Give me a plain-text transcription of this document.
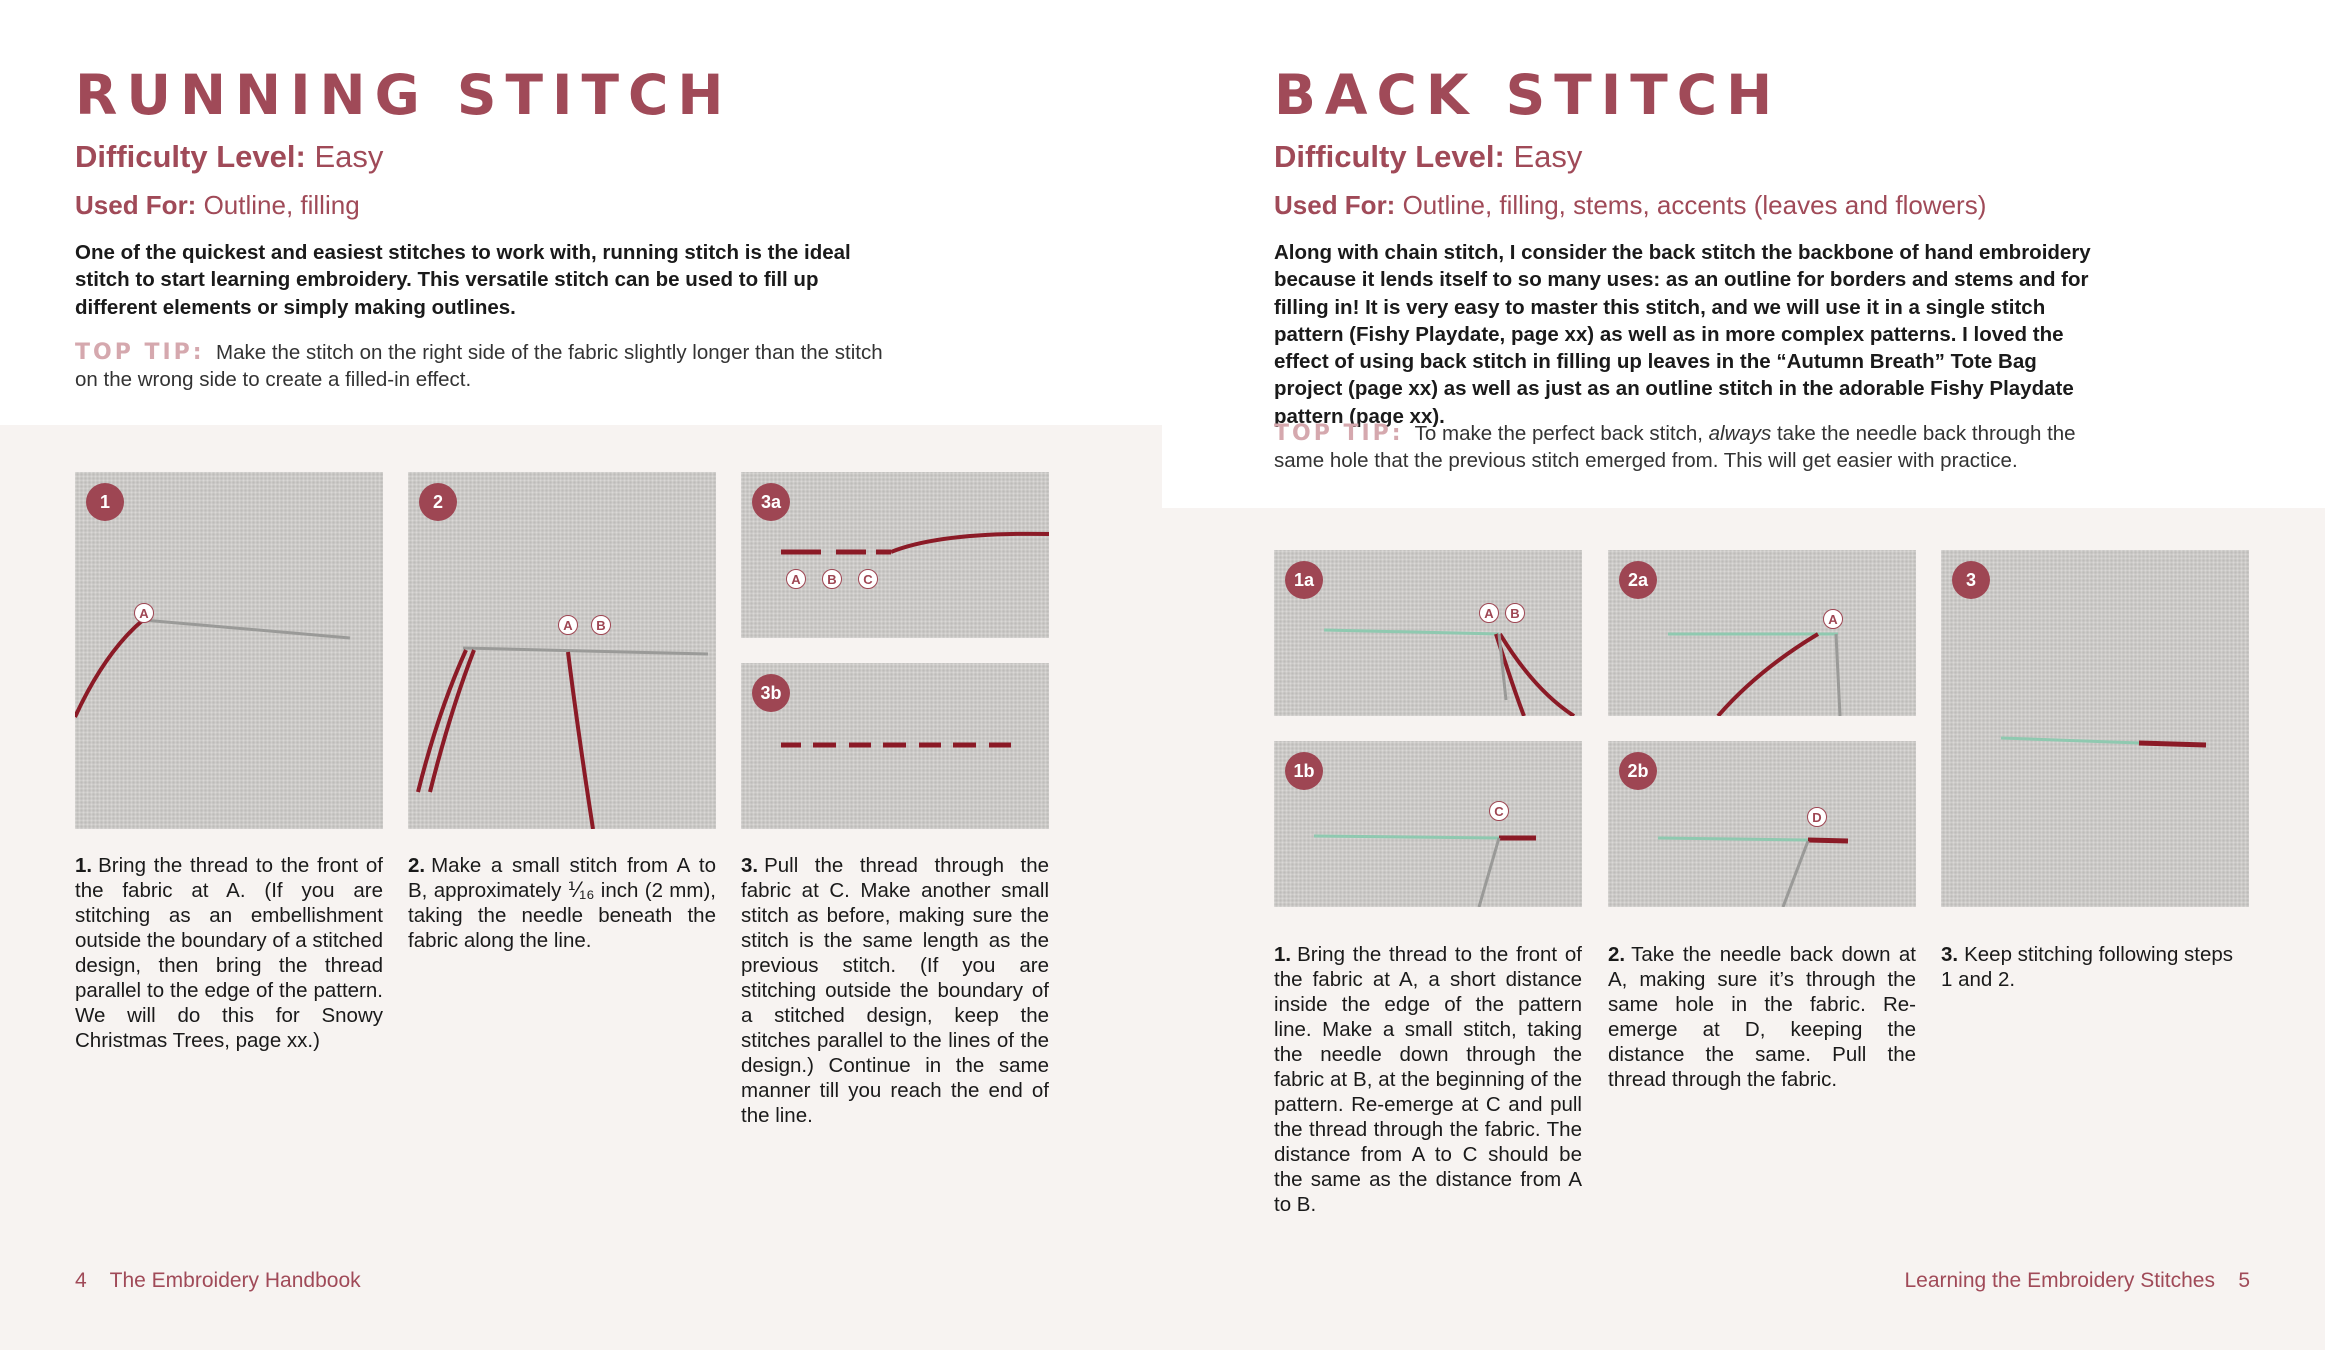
RUNNING STITCH
Difficulty Level: Easy
Used For: Outline, filling

One of the quickest and easiest stitches to work with, running stitch is the ideal stitch to start learning embroidery. This versatile stitch can be used to fill up different elements or simply making outlines.

TOP TIP: Make the stitch on the right side of the fabric slightly longer than the stitch on the wrong side to create a filled-in effect.

1
A
2
A	B
3a
A	B	C
3b

1. Bring the thread to the front of the fabric at A. (If you are stitching as an embellishment outside the boundary of a stitched design, then bring the thread parallel to the edge of the pattern. We will do this for Snowy Christmas Trees, page xx.)

2. Make a small stitch from A to B, approximately ⅟₁₆ inch (2 mm), taking the needle beneath the fabric along the line.

3. Pull the thread through the fabric at C. Make another small stitch as before, making sure the stitch is the same length as the previous stitch. (If you are stitching outside the boundary of a stitched design, keep the stitches parallel to the lines of the design.) Continue in the same manner till you reach the end of the line.

4 The Embroidery Handbook
BACK STITCH
Difficulty Level: Easy
Used For: Outline, filling, stems, accents (leaves and flowers)

Along with chain stitch, I consider the back stitch the backbone of hand embroidery because it lends itself to so many uses: as an outline for borders and stems and for filling in! It is very easy to master this stitch, and we will use it in a single stitch pattern (Fishy Playdate, page xx) as well as in more complex patterns. I loved the effect of using back stitch in filling up leaves in the “Autumn Breath” Tote Bag project (page xx) as well as just as an outline stitch in the adorable Fishy Playdate pattern (page xx).

TOP TIP: To make the perfect back stitch, always take the needle back through the same hole that the previous stitch emerged from. This will get easier with practice.

1a
A	B
2a
A
3
1b
C
2b
D

1. Bring the thread to the front of the fabric at A, a short distance inside the edge of the pattern line. Make a small stitch, taking the needle down through the fabric at B, at the beginning of the pattern. Re-emerge at C and pull the thread through the fabric. The distance from A to C should be the same as the distance from A to B.

2. Take the needle back down at A, making sure it’s through the same hole in the fabric. Re-emerge at D, keeping the distance the same. Pull the thread through the fabric.

3. Keep stitching following steps 1 and 2.

Learning the Embroidery Stitches 5
